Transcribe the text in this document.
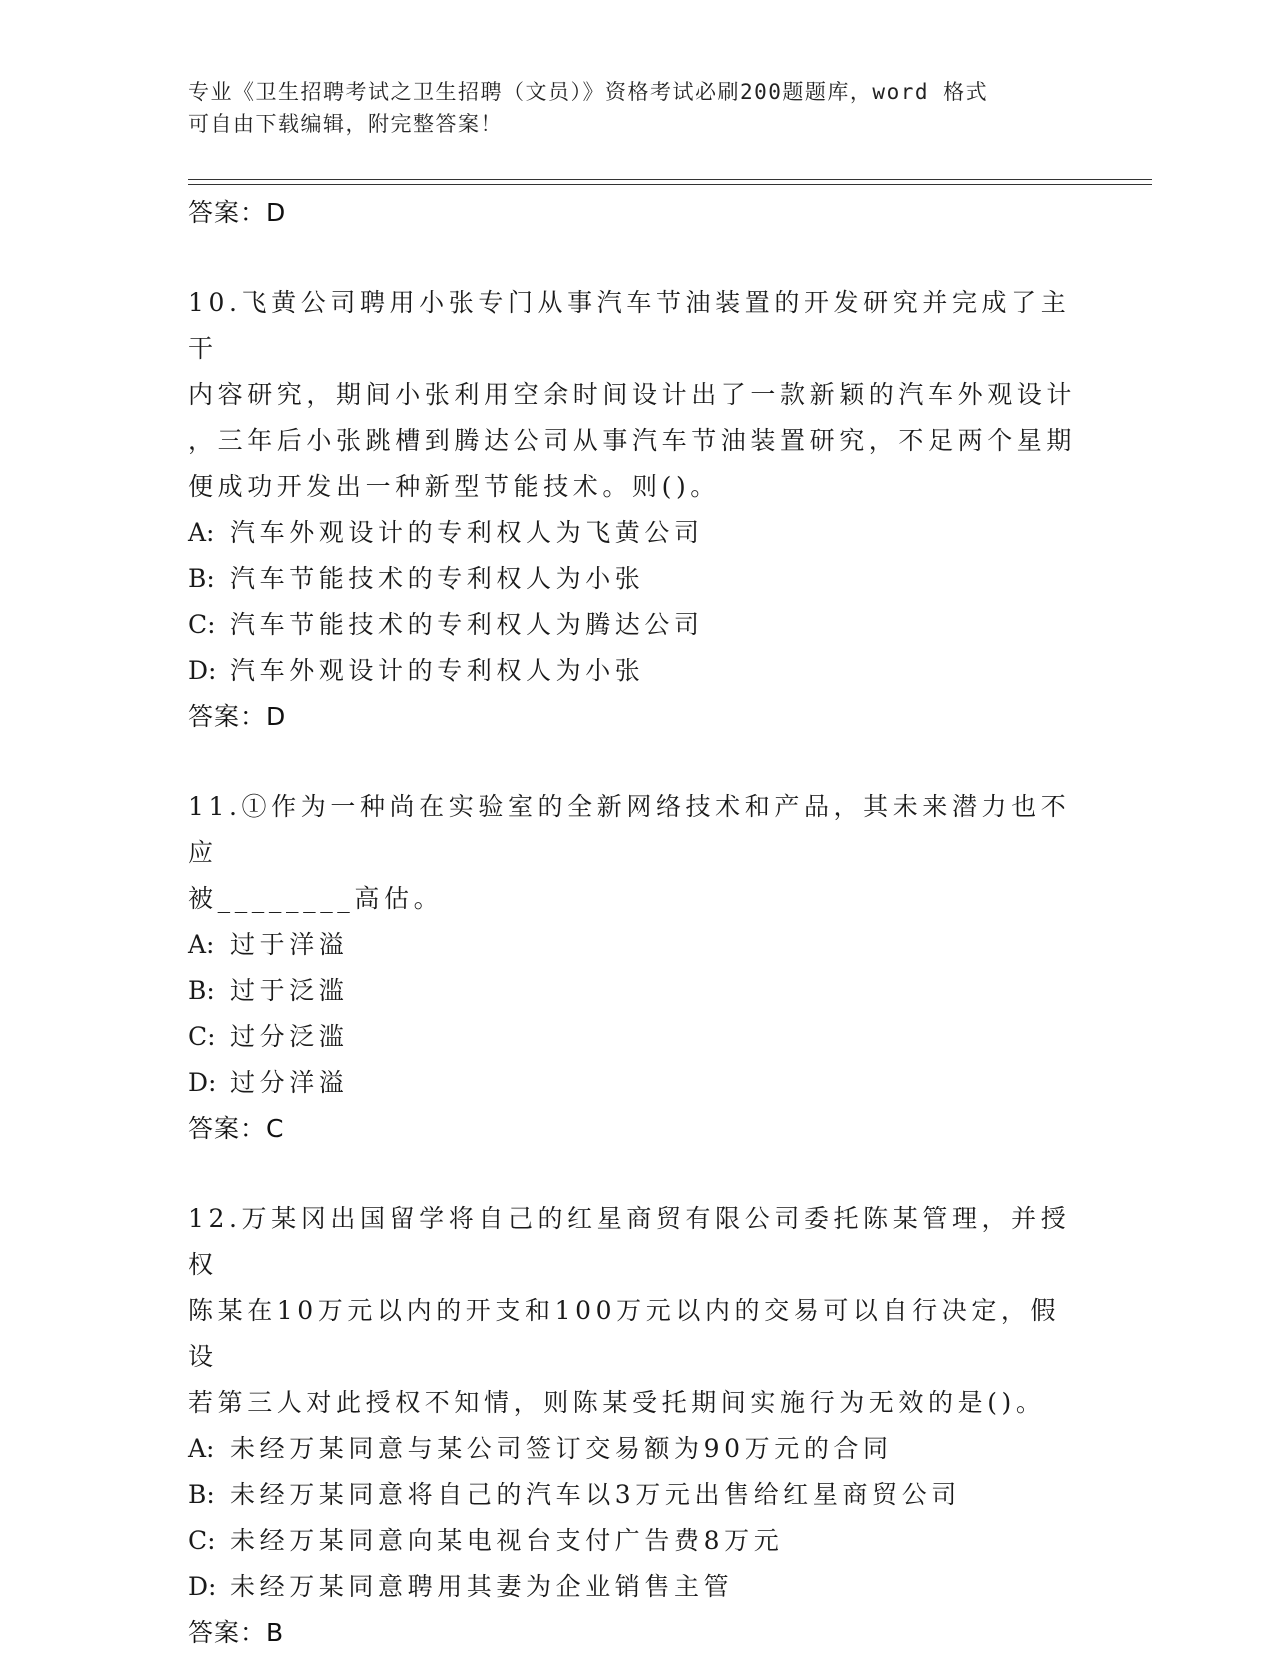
专业《卫生招聘考试之卫生招聘（文员）》资格考试必刷200题题库，word 格式
可自由下载编辑，附完整答案！
答案：D
10.飞黄公司聘用小张专门从事汽车节油装置的开发研究并完成了主干
内容研究，期间小张利用空余时间设计出了一款新颖的汽车外观设计
，三年后小张跳槽到腾达公司从事汽车节油装置研究，不足两个星期
便成功开发出一种新型节能技术。则()。
A: 汽车外观设计的专利权人为飞黄公司
B: 汽车节能技术的专利权人为小张
C: 汽车节能技术的专利权人为腾达公司
D: 汽车外观设计的专利权人为小张
答案：D
11.①作为一种尚在实验室的全新网络技术和产品，其未来潜力也不应
被________高估。
A: 过于洋溢
B: 过于泛滥
C: 过分泛滥
D: 过分洋溢
答案：C
12.万某冈出国留学将自己的红星商贸有限公司委托陈某管理，并授权
陈某在10万元以内的开支和100万元以内的交易可以自行决定，假设
若第三人对此授权不知情，则陈某受托期间实施行为无效的是()。
A: 未经万某同意与某公司签订交易额为90万元的合同
B: 未经万某同意将自己的汽车以3万元出售给红星商贸公司
C: 未经万某同意向某电视台支付广告费8万元
D: 未经万某同意聘用其妻为企业销售主管
答案：B
